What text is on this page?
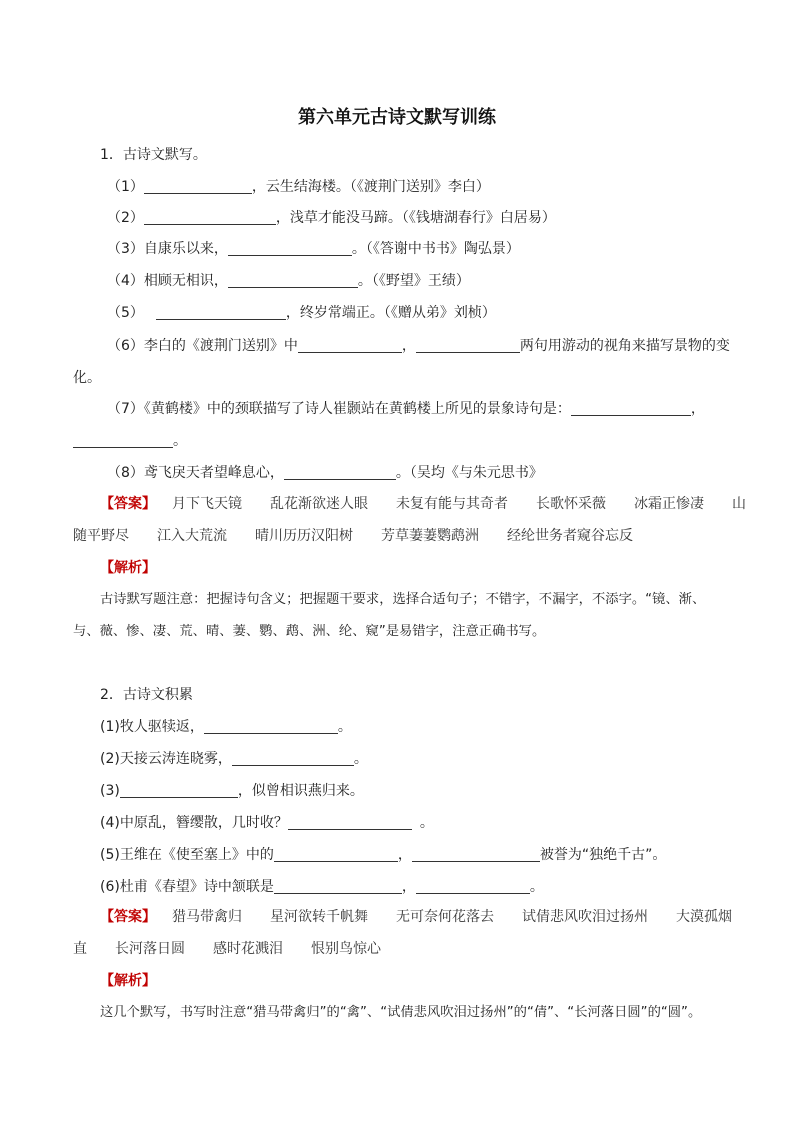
第六单元古诗文默写训练
1．古诗文默写。
（1）	，云生结海楼。（《渡荆门送别》李白）
（2）	，浅草才能没马蹄。（《钱塘湖春行》白居易）
（3）自康乐以来，	。（《答谢中书书》陶弘景）
（4）相顾无相识，	。（《野望》王绩）
（5）	，终岁常端正。（《赠从弟》刘桢）
（6）李白的《渡荆门送别》中	，	两句用游动的视角来描写景物的变
化。
（7）《黄鹤楼》中的颈联描写了诗人崔颢站在黄鹤楼上所见的景象诗句是：	，
。
（8）鸢飞戾天者望峰息心，	。（吴均《与朱元思书》
【答案】 月下飞天镜　　乱花渐欲迷人眼　　未复有能与其奇者　　长歌怀采薇　　冰霜正惨凄　　山
随平野尽　　江入大荒流　　晴川历历汉阳树　　芳草萋萋鹦鹉洲　　经纶世务者窥谷忘反
【解析】
古诗默写题注意：把握诗句含义；把握题干要求，选择合适句子；不错字，不漏字，不添字。“镜、渐、
与、薇、惨、凄、荒、晴、萋、鹦、鹉、洲、纶、窥”是易错字，注意正确书写。
2．古诗文积累
(1)牧人驱犊返，	。
(2)天接云涛连晓雾，	。
(3)	，似曾相识燕归来。
(4)中原乱，簪缨散，几时收？	。
(5)王维在《使至塞上》中的	，	被誉为“独绝千古”。
(6)杜甫《春望》诗中颔联是	，	。
【答案】 猎马带禽归　　星河欲转千帆舞　　无可奈何花落去　　试倩悲风吹泪过扬州　　大漠孤烟
直　　长河落日圆　　感时花溅泪　　恨别鸟惊心
【解析】
这几个默写，书写时注意“猎马带禽归”的“禽”、“试倩悲风吹泪过扬州”的“倩”、“长河落日圆”的“圆”。
